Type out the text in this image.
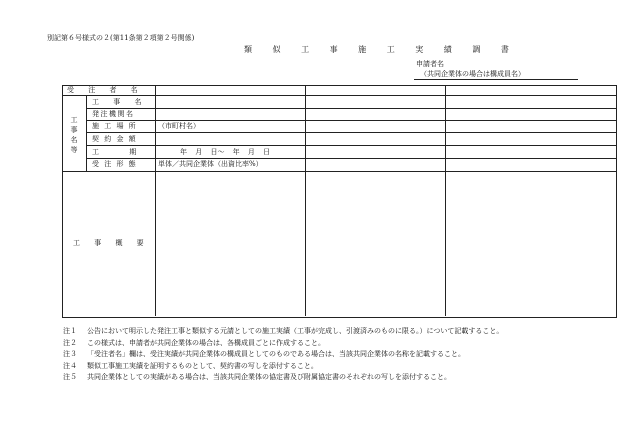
別記第６号様式の２(第11条第２項第２号関係)
類 似 工 事 施 工 実 績 調 書
申請者名
（共同企業体の場合は構成員名）
受 注 者 名
工事名等
工 事 名
発注機関名
施 工 場 所
契 約 金 額
工 期
受 注 形 態
（市町村名）
年 月 日～ 年 月 日
単体／共同企業体（出資比率%）
工 事 概 要
注１ 公告において明示した発注工事と類似する元請としての施工実績（工事が完成し、引渡済みのものに限る。）について記載すること。
注２ この様式は、申請者が共同企業体の場合は、各構成員ごとに作成すること。
注３ 「受注者名」欄は、受注実績が共同企業体の構成員としてのものである場合は、当該共同企業体の名称を記載すること。
注４ 類似工事施工実績を証明するものとして、契約書の写しを添付すること。
注５ 共同企業体としての実績がある場合は、当該共同企業体の協定書及び附属協定書のそれぞれの写しを添付すること。
